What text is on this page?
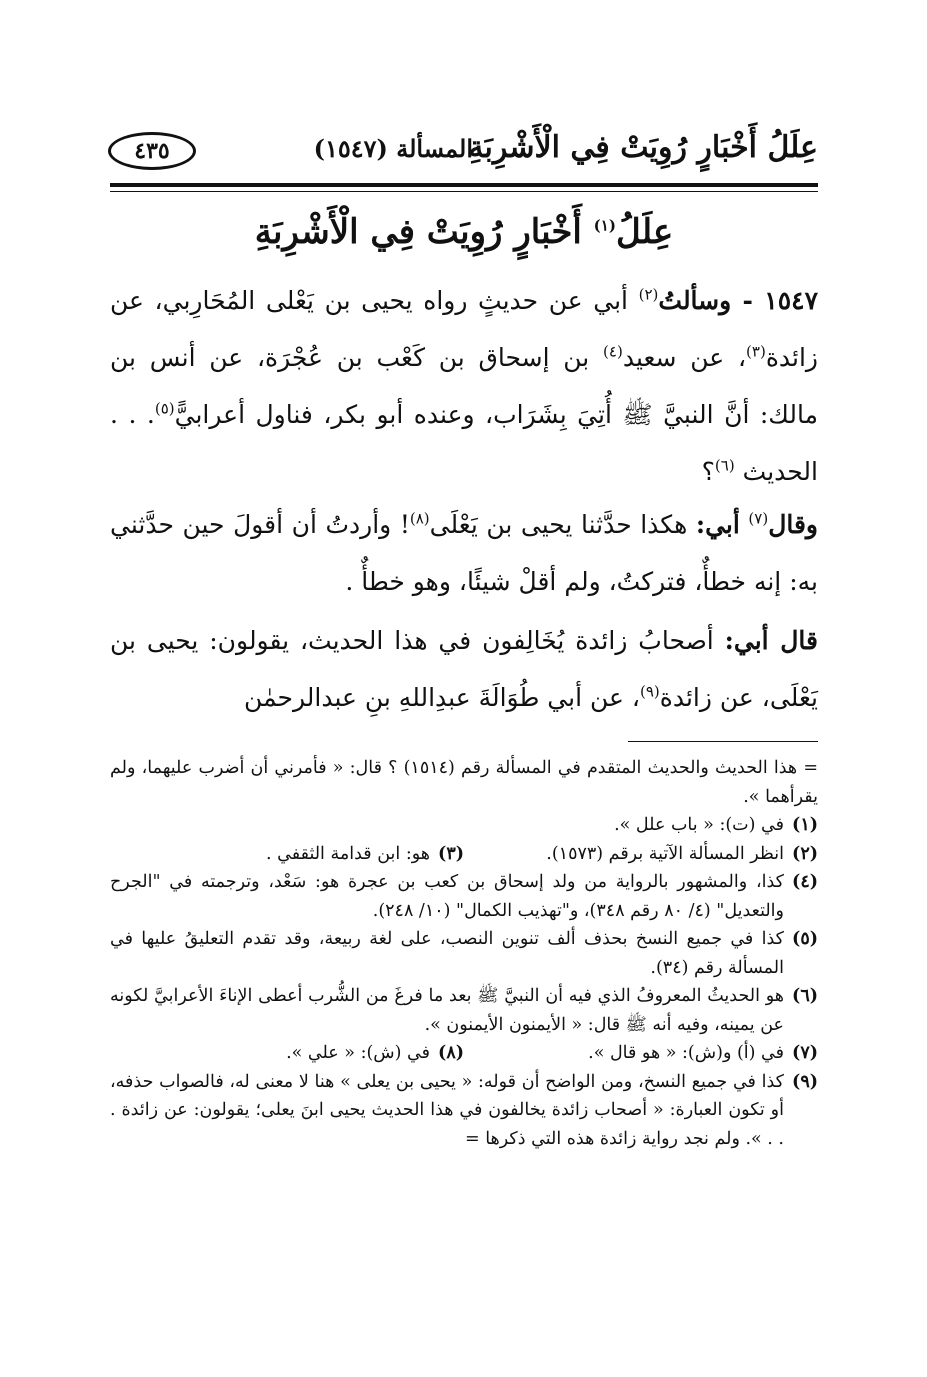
عِلَلُ أَخْبَارٍ رُوِيَتْ فِي الْأَشْرِبَةِ
المسألة (١٥٤٧)
٤٣٥
عِلَلُ$^{(١)}$ أَخْبَارٍ رُوِيَتْ فِي الْأَشْرِبَةِ

١٥٤٧ - وسألتُ$^{(٢)}$ أبي عن حديثٍ رواه يحيى بن يَعْلى المُحَارِبي، عن زائدة$^{(٣)}$، عن سعيد$^{(٤)}$ بن إسحاق بن كَعْب بن عُجْرَة، عن أنس بن مالك: أنَّ النبيَّ ﷺ أُتِيَ بِشَرَاب، وعنده أبو بكر، فناول أعرابيًّ$^{(٥)}$. . . الحديث $^{(٦)}$؟

وقال$^{(٧)}$ أبي: هكذا حدَّثنا يحيى بن يَعْلَى$^{(٨)}$! وأردتُ أن أقولَ حين حدَّثني به: إنه خطأٌ، فتركتُ، ولم أقلْ شيئًا، وهو خطأٌ .

قال أبي: أصحابُ زائدة يُخَالِفون في هذا الحديث، يقولون: يحيى بن يَعْلَى، عن زائدة$^{(٩)}$، عن أبي طُوَالَةَ عبدِاللهِ بنِ عبدالرحمٰن

= هذا الحديث والحديث المتقدم في المسألة رقم (١٥١٤) ؟ قال: « فأمرني أن أضرب عليهما، ولم يقرأهما ».

(١)
في (ت): « باب علل ».
(٢)
انظر المسألة الآتية برقم (١٥٧٣).
(٣)
هو: ابن قدامة الثقفي .
(٤)
كذا، والمشهور بالرواية من ولد إسحاق بن كعب بن عجرة هو: سَعْد، وترجمته في "الجرح والتعديل" (٤/ ٨٠ رقم ٣٤٨)، و"تهذيب الكمال" (١٠/ ٢٤٨).
(٥)
كذا في جميع النسخ بحذف ألف تنوين النصب، على لغة ربيعة، وقد تقدم التعليقُ عليها في المسألة رقم (٣٤).
(٦)
هو الحديثُ المعروفُ الذي فيه أن النبيَّ ﷺ بعد ما فرغَ من الشُّرب أعطى الإناءَ الأعرابيَّ لكونه عن يمينه، وفيه أنه ﷺ قال: « الأيمنون الأيمنون ».
(٧)
في (أ) و(ش): « هو قال ».
(٨)
في (ش): « علي ».
(٩)
كذا في جميع النسخ، ومن الواضح أن قوله: « يحيى بن يعلى » هنا لا معنى له، فالصواب حذفه، أو تكون العبارة: « أصحاب زائدة يخالفون في هذا الحديث يحيى ابنَ يعلى؛ يقولون: عن زائدة . . . ». ولم نجد رواية زائدة هذه التي ذكرها =
